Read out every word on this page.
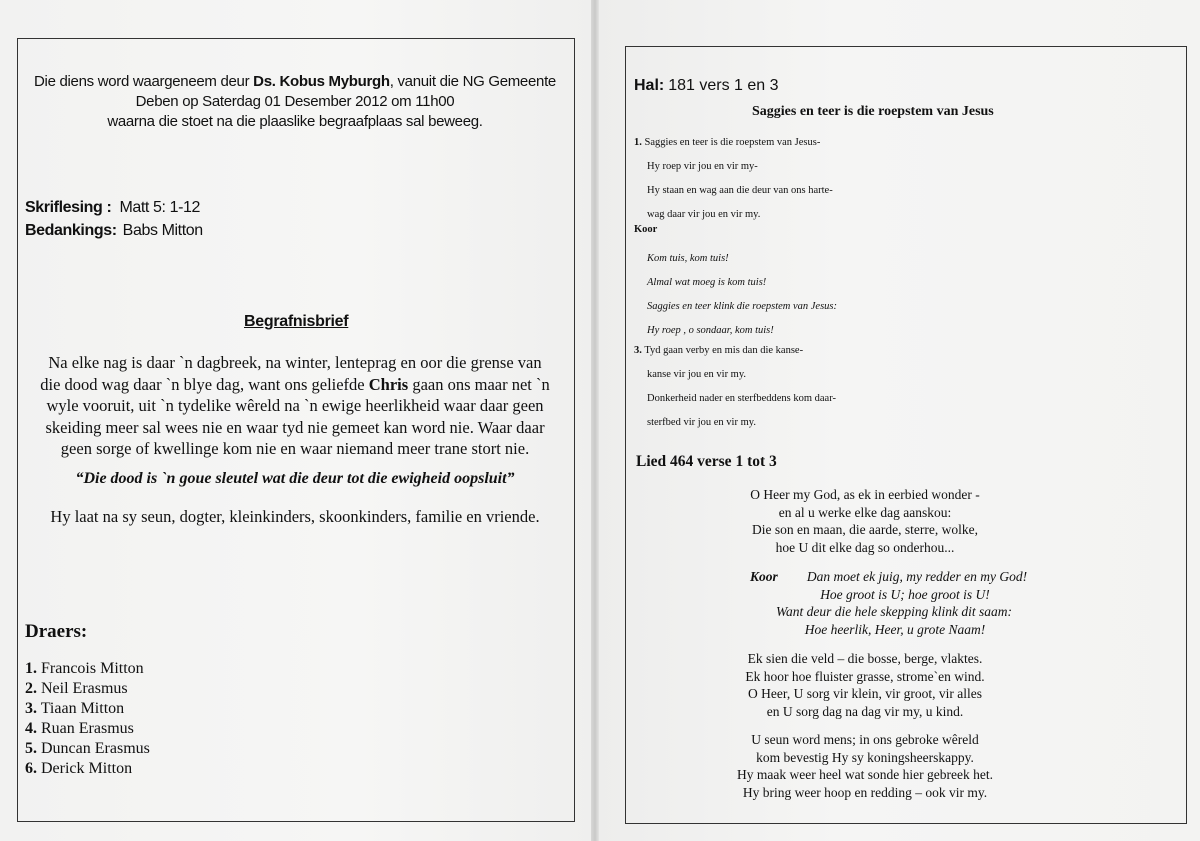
Die diens word waargeneem deur Ds. Kobus Myburgh, vanuit die NG Gemeente
Deben op Saterdag 01 Desember 2012 om 11h00
waarna die stoet na die plaaslike begraafplaas sal beweeg.
Skriflesing : Matt 5: 1-12
Bedankings: Babs Mitton
Begrafnisbrief
Na elke nag is daar `n dagbreek, na winter, lenteprag en oor die grense van
die dood wag daar `n blye dag, want ons geliefde Chris gaan ons maar net `n
wyle vooruit, uit `n tydelike wêreld na `n ewige heerlikheid waar daar geen
skeiding meer sal wees nie en waar tyd nie gemeet kan word nie. Waar daar
geen sorge of kwellinge kom nie en waar niemand meer trane stort nie.
“Die dood is `n goue sleutel wat die deur tot die ewigheid oopsluit”
Hy laat na sy seun, dogter, kleinkinders, skoonkinders, familie en vriende.
Draers:
1. Francois Mitton
2. Neil Erasmus
3. Tiaan Mitton
4. Ruan Erasmus
5. Duncan Erasmus
6. Derick Mitton
Hal: 181 vers 1 en 3
Saggies en teer is die roepstem van Jesus
1. Saggies en teer is die roepstem van Jesus-
Hy roep vir jou en vir my-
Hy staan en wag aan die deur van ons harte-
wag daar vir jou en vir my.
Koor
Kom tuis, kom tuis!
Almal wat moeg is kom tuis!
Saggies en teer klink die roepstem van Jesus:
Hy roep , o sondaar, kom tuis!
3. Tyd gaan verby en mis dan die kanse-
kanse vir jou en vir my.
Donkerheid nader en sterfbeddens kom daar-
sterfbed vir jou en vir my.
Lied 464 verse 1 tot 3
O Heer my God, as ek in eerbied wonder -
en al u werke elke dag aanskou:
Die son en maan, die aarde, sterre, wolke,
hoe U dit elke dag so onderhou...
Koor	Dan moet ek juig, my redder en my God!
Hoe groot is U; hoe groot is U!
Want deur die hele skepping klink dit saam:
Hoe heerlik, Heer, u grote Naam!
Ek sien die veld – die bosse, berge, vlaktes.
Ek hoor hoe fluister grasse, strome`en wind.
O Heer, U sorg vir klein, vir groot, vir alles
en U sorg dag na dag vir my, u kind.
U seun word mens; in ons gebroke wêreld
kom bevestig Hy sy koningsheerskappy.
Hy maak weer heel wat sonde hier gebreek het.
Hy bring weer hoop en redding – ook vir my.
